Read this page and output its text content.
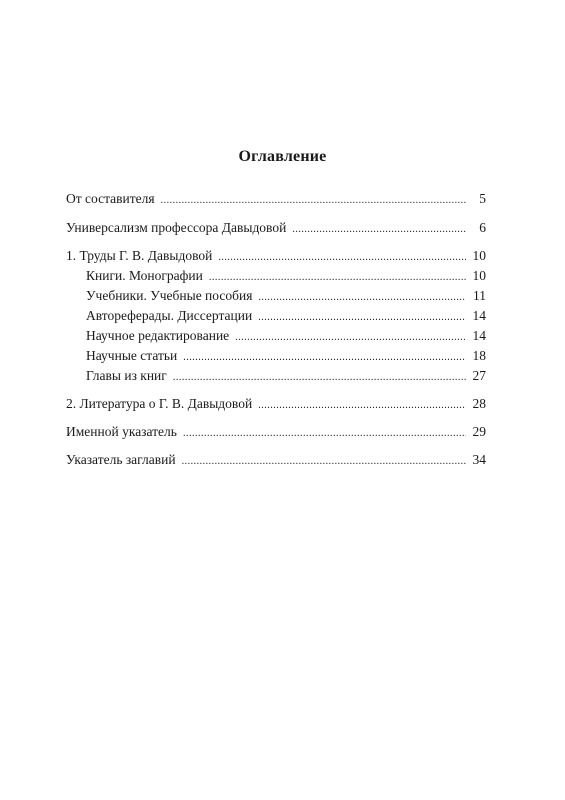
Оглавление
От составителя .....	5
Универсализм профессора Давыдовой .....	6
1. Труды Г. В. Давыдовой .....	10
Книги. Монографии .....	10
Учебники. Учебные пособия .....	11
Автореферады. Диссертации .....	14
Научное редактирование .....	14
Научные статьи .....	18
Главы из книг .....	27
2. Литература о Г. В. Давыдовой .....	28
Именной указатель .....	29
Указатель заглавий .....	34
